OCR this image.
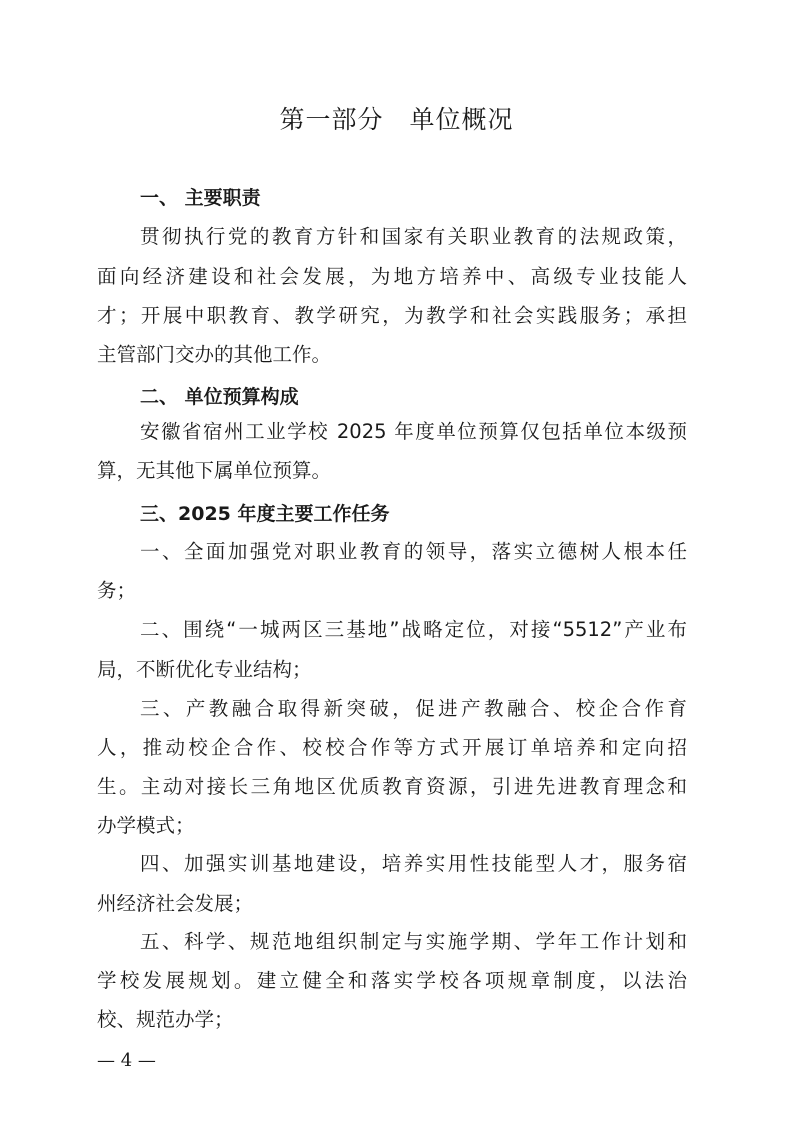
第一部分　单位概况
一、 主要职责
贯彻执行党的教育方针和国家有关职业教育的法规政策，
面向经济建设和社会发展，为地方培养中、高级专业技能人
才；开展中职教育、教学研究，为教学和社会实践服务；承担
主管部门交办的其他工作。
二、 单位预算构成
安徽省宿州工业学校 2025 年度单位预算仅包括单位本级预
算，无其他下属单位预算。
三、2025 年度主要工作任务
一、全面加强党对职业教育的领导，落实立德树人根本任
务；
二、围绕“一城两区三基地”战略定位，对接“5512”产业布
局，不断优化专业结构；
三、产教融合取得新突破，促进产教融合、校企合作育
人，推动校企合作、校校合作等方式开展订单培养和定向招
生。主动对接长三角地区优质教育资源，引进先进教育理念和
办学模式；
四、加强实训基地建设，培养实用性技能型人才，服务宿
州经济社会发展；
五、科学、规范地组织制定与实施学期、学年工作计划和
学校发展规划。建立健全和落实学校各项规章制度，以法治
校、规范办学；
— 4 —
